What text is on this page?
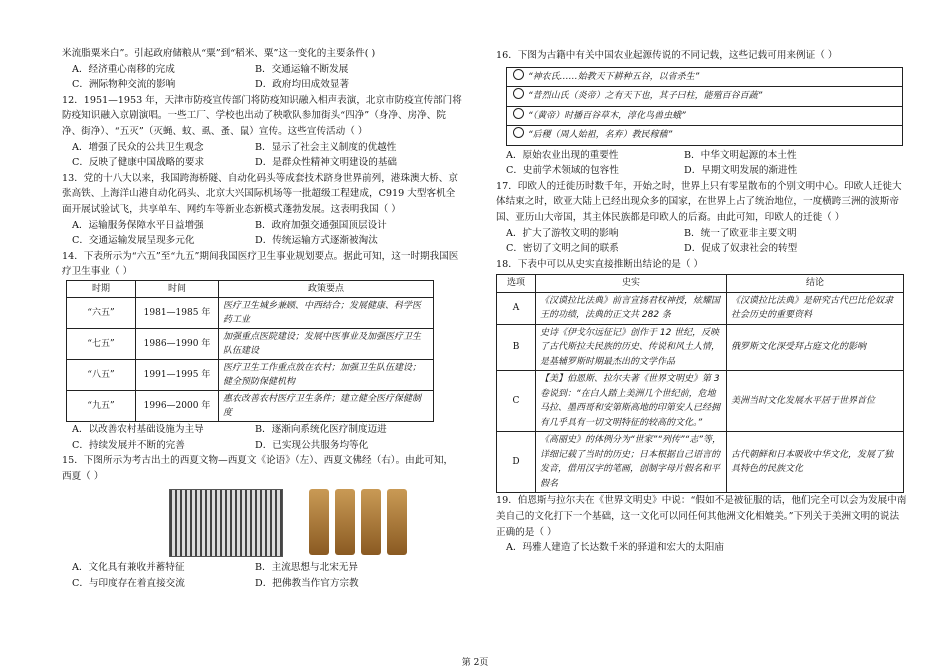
米流脂粟米白”。引起政府储粮从“粟”到“稻米、粟”这一变化的主要条件( )

A．经济重心南移的完成	B．交通运输不断发展
C．洲际物种交流的影响	D．政府均田成效显著

12．1951—1953 年，天津市防疫宣传部门将防疫知识融入相声表演，北京市防疫宣传部门将防疫知识融入京剧演唱。一些工厂、学校也出动了秧歌队参加街头“四净”（身净、房净、院净、街净）、“五灭”（灭蝇、蚊、虱、蚤、鼠）宣传。这些宣传活动（ ）

A．增强了民众的公共卫生观念	B．显示了社会主义制度的优越性
C．反映了健康中国战略的要求	D．是群众性精神文明建设的基础

13．党的十八大以来，我国跨海桥隧、自动化码头等成套技术跻身世界前列，港珠澳大桥、京张高铁、上海洋山港自动化码头、北京大兴国际机场等一批超级工程建成，C919 大型客机全面开展试验试飞，共享单车、网约车等新业态新模式蓬勃发展。这表明我国（ ）

A．运输服务保障水平日益增强	B．政府加强交通强国顶层设计
C．交通运输发展呈现多元化	D．传统运输方式逐渐被淘汰

14．下表所示为“六五”至“九五”期间我国医疗卫生事业规划要点。据此可知，这一时期我国医疗卫生事业（ ）

时期	时间	政策要点
“六五”	1981—1985 年	医疗卫生城乡兼顾、中西结合；发展健康、科学医药工业
“七五”	1986—1990 年	加强重点医院建设；发展中医事业及加强医疗卫生队伍建设
“八五”	1991—1995 年	医疗卫生工作重点放在农村；加强卫生队伍建设；健全预防保健机构
“九五”	1996—2000 年	惠农改善农村医疗卫生条件；建立健全医疗保健制度
A．以改善农村基础设施为主导	B．逐渐向系统化医疗制度迈进
C．持续发展并不断的完善	D．已实现公共服务均等化

15．下图所示为考古出土的西夏文物—西夏文《论语》（左）、西夏文佛经（右）。由此可知，西夏（ ）

A．文化具有兼收并蓄特征	B．主流思想与北宋无异
C．与印度存在着直接交流	D．把佛教当作官方宗教

16．下图为古籍中有关中国农业起源传说的不同记载，这些记载可用来例证（ ）

“神农氏……始教天下耕种五谷，以省杀生”
“昔烈山氏（炎帝）之有天下也，其子曰柱，能殖百谷百蔬”
“（黄帝）时播百谷草木，淳化鸟兽虫蛾”
“后稷（周人始祖，名弃）教民稼穑”
A．原始农业出现的重要性	B．中华文明起源的本土性
C．史前学术领域的包容性	D．早期文明发展的渐进性

17．印欧人的迁徙历时数千年，开始之时，世界上只有零星散布的个别文明中心。印欧人迁徙大体结束之时，欧亚大陆上已经出现众多的国家，在世界上占了统治地位，一度横跨三洲的波斯帝国、亚历山大帝国，其主体民族都是印欧人的后裔。由此可知，印欧人的迁徙（ ）

A．扩大了游牧文明的影响	B．统一了欧亚非主要文明
C．密切了文明之间的联系	D．促成了奴隶社会的转型

18．下表中可以从史实直接推断出结论的是（ ）

选项	史实	结论
A	《汉谟拉比法典》前言宣扬君权神授，炫耀国王的功绩，法典的正文共 282 条	《汉谟拉比法典》是研究古代巴比伦奴隶社会历史的重要资料
B	史诗《伊戈尔远征记》创作于 12 世纪，反映了古代斯拉夫民族的历史、传说和风土人情，是基辅罗斯时期最杰出的文学作品	俄罗斯文化深受拜占庭文化的影响
C	【美】伯恩斯、拉尔夫著《世界文明史》第 3 卷说到：“在白人踏上美洲几个世纪前，危地马拉、墨西哥和安第斯高地的印第安人已经拥有几乎具有一切文明特征的较高的文化。”	美洲当时文化发展水平居于世界首位
D	《高丽史》的体例分为“世家”“列传”“志”等，详细记载了当时的历史；日本根据自己语言的发音，借用汉字的笔画，创制字母片假名和平假名	古代朝鲜和日本吸收中华文化，发展了独具特色的民族文化

19．伯恩斯与拉尔夫在《世界文明史》中说：“假如不是被征服的话，他们完全可以会为发展中南美自己的文化打下一个基础，这一文化可以同任何其他洲文化相媲美。”下列关于美洲文明的说法正确的是（ ）

A．玛雅人建造了长达数千米的驿道和宏大的太阳庙

第 2页
